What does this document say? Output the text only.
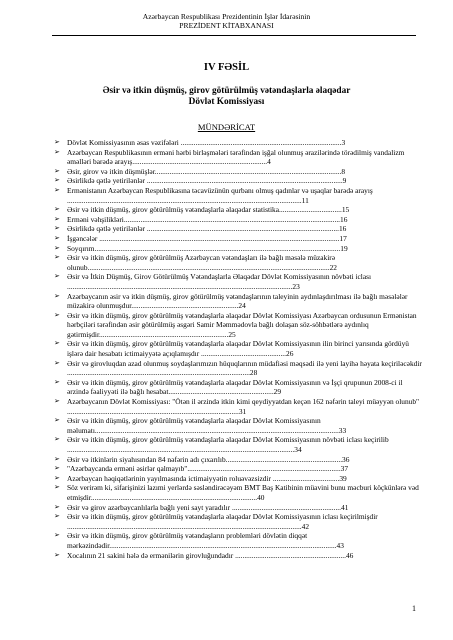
Azərbaycan Respublikası Prezidentinin İşlər İdarəsinin
PREZİDENT KİTABXANASI
IV FƏSİL
Əsir və itkin düşmüş, girov götürülmüş vətəndaşlarla əlaqədar
Dövlət Komissiyası
MÜNDƏRİCAT
➢ Dövlət Komissiyasının əsas vəzifələri .......................................................................................3
➢ Azərbaycan Respublikasının erməni hərbi birləşmələri tərəfindən işğal olunmuş ərazilərində törədilmiş vandalizm əməlləri barədə arayış.........................................................................4
➢ Əsir, girov və itkin düşmüşlər.....................................................................................................8
➢ Əsirlikdə qətlə yetirilənlər ..........................................................................................................9
➢ Ermənistanın Azərbaycan Respublikasına təcavüzünün qurbanı olmuş qadınlar və uşaqlar barədə arayış ...............................................................................................................................11
➢ Əsir və itkin düşmüş, girov götürülmüş vətəndaşlarla əlaqədar statistika..................................15
➢ Erməni vəhşilikləri.....................................................................................................................16
➢ Əsirlikdə qətlə yetirilənlər ........................................................................................................16
➢ İşgəncələr ..................................................................................................................................17
➢ Soyqırım.....................................................................................................................................19
➢ Əsir və itkin düşmüş, girov götürülmüş Azərbaycan vətəndaşları ilə bağlı məsələ müzakirə olunub...................................................................................................................................22
➢ Əsir və İtkin Düşmüş, Girov Götürülmüş Vətəndaşlarla Əlaqədar Dövlət Komissiyasının növbəti iclası ..........................................................................................................................23
➢ Azərbaycanın əsir və itkin düşmüş, girov götürülmüş vətəndaşlarının taleyinin aydınlaşdırılması ilə bağlı məsələlər müzakirə olunmuşdur..........................................................24
➢ Əsir və itkin düşmüş, girov götürülmüş vətəndaşlarla əlaqədar Dövlət Komissiyası Azərbaycan ordusunun Ermənistan hərbçiləri tərəfindən əsir götürülmüş əsgəri Samir Məmmədovla bağlı dolaşan söz-söhbətlərə aydınlıq gətirmişdir......................................................................25
➢ Əsir və itkin düşmüş, girov götürülmüş vətəndaşlarla əlaqədar Dövlət Komissiyasının ilin birinci yarısında gördüyü işlərə dair hesabatı ictimaiyyətə açıqlamışdır ..............................................26
➢ Əsir və girovluqdan azad olunmuş soydaşlarımızın hüquqlarının müdafiəsi məqsədi ilə yeni layihə həyata keçiriləcəkdir ...................................................................................................28
➢ Əsir və itkin düşmüş, girov götürülmüş vətəndaşlarla əlaqədar Dövlət Komissiyasının və İşçi qrupunun 2008-ci il ərzində fəaliyyəti ilə bağlı hesabat.........................................................29
➢ Azərbaycanın Dövlət Komissiyası: "Ötən il ərzində itkin kimi qeydiyyatdan keçən 162 nəfərin taleyi müəyyən olunub" .............................................................................................31
➢ Əsir və itkin düşmüş, girov götürülmüş vətəndaşlarla əlaqədar Dövlət Komissiyasının məlumatı....................................................................................................................................33
➢ Əsir və itkin düşmüş, girov götürülmüş vətəndaşlarla əlaqədar Dövlət Komissiyasının növbəti iclası keçirilib ...........................................................................................................................34
➢ Əsir və itkinlərin siyahısından 84 nəfərin adı çıxarılıb...............................................................36
➢ "Azərbaycanda erməni əsirlər qalmayıb"...................................................................................37
➢ Azərbaycan həqiqətlərinin yayılmasında ictimaiyyətin roluəvəzsizdir ....................................39
➢ Söz verirəm ki, sifarişinizi lazımi yerlərdə səsləndirəcəyəm BMT Baş Katibinin müavini bunu məcburi köçkünlərə vəd etmişdir..........................................................................................40
➢ Əsir və girov azərbaycanlılarla bağlı yeni sayt yaradılır ...........................................................41
➢ Əsir və itkin düşmüş, girov götürülmüş vətəndaşlarla əlaqədar Dövlət Komissiyasının iclası keçirilmişdir ...............................................................................................................................42
➢ Əsir və itkin düşmüş, girov götürülmüş vətəndaşların problemləri dövlətin diqqət mərkəzindədir...........................................................................................................................43
➢ Xocalının 21 sakini hələ də ermənilərin girovluğundadır ............................................................46
1
